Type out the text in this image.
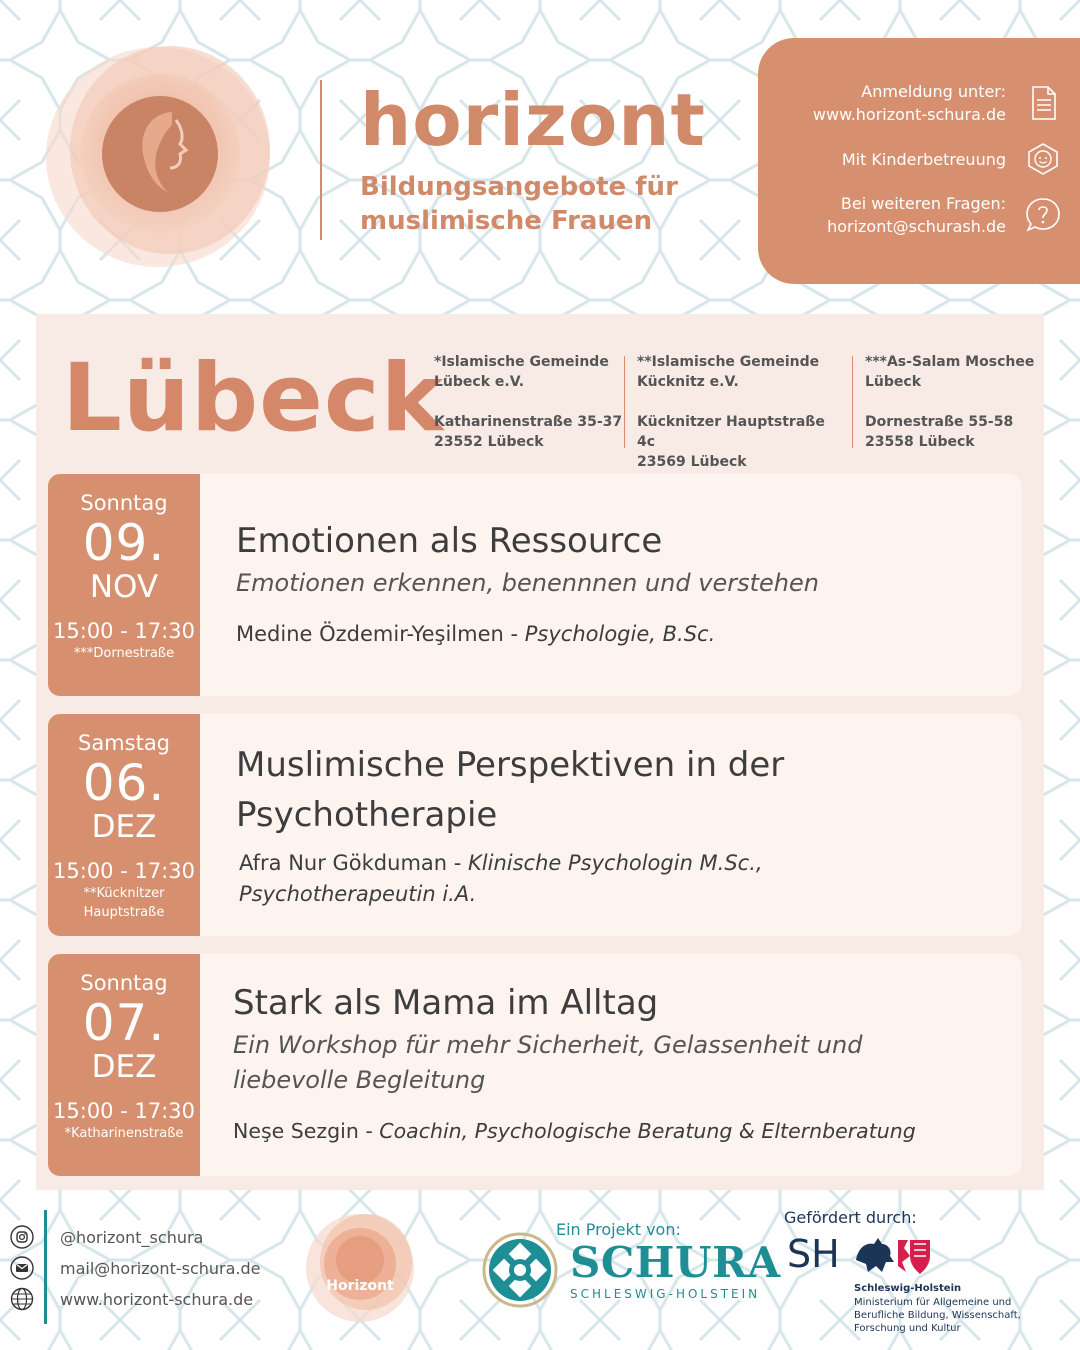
horizont
Bildungsangebote für
muslimische Frauen
Anmeldung unter:
www.horizont-schura.de
Mit Kinderbetreuung
Bei weiteren Fragen:
horizont@schurash.de
Lübeck
*Islamische Gemeinde
Lübeck e.V.
Katharinenstraße 35-37
23552 Lübeck
**Islamische Gemeinde
Kücknitz e.V.
Kücknitzer Hauptstraße 4c
23569 Lübeck
***As-Salam Moschee
Lübeck
Dornestraße 55-58
23558 Lübeck
Sonntag
09.
NOV
15:00 - 17:30
***Dornestraße
Emotionen als Ressource
Emotionen erkennen, benennnen und verstehen
Medine Özdemir-Yeşilmen - Psychologie, B.Sc.
Samstag
06.
DEZ
15:00 - 17:30
**Kücknitzer
Hauptstraße
Muslimische Perspektiven in der
Psychotherapie
Afra Nur Gökduman - Klinische Psychologin M.Sc.,
Psychotherapeutin i.A.
Sonntag
07.
DEZ
15:00 - 17:30
*Katharinenstraße
Stark als Mama im Alltag
Ein Workshop für mehr Sicherheit, Gelassenheit und
liebevolle Begleitung
Neşe Sezgin - Coachin, Psychologische Beratung & Elternberatung
@horizont_schura
mail@horizont-schura.de
www.horizont-schura.de
Horizont
Ein Projekt von:
SCHURA
SCHLESWIG-HOLSTEIN
Gefördert durch:
SH
Schleswig-Holstein
Ministerium für Allgemeine und
Berufliche Bildung, Wissenschaft,
Forschung und Kultur
